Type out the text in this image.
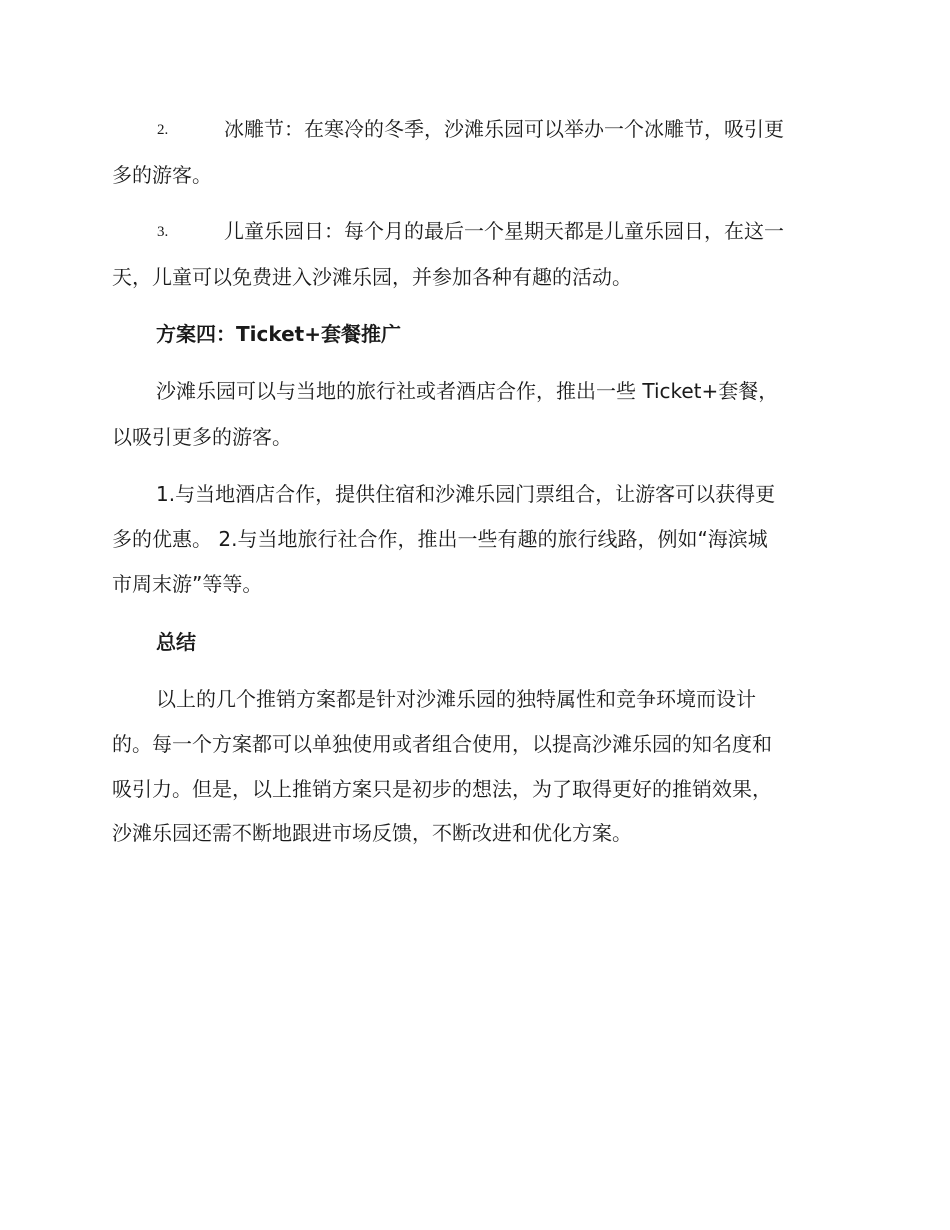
2.	冰雕节：在寒冷的冬季，沙滩乐园可以举办一个冰雕节，吸引更
多的游客。
3.	儿童乐园日：每个月的最后一个星期天都是儿童乐园日，在这一
天，儿童可以免费进入沙滩乐园，并参加各种有趣的活动。
方案四：Ticket+套餐推广
沙滩乐园可以与当地的旅行社或者酒店合作，推出一些 Ticket+套餐，
以吸引更多的游客。
1.与当地酒店合作，提供住宿和沙滩乐园门票组合，让游客可以获得更
多的优惠。 2.与当地旅行社合作，推出一些有趣的旅行线路，例如“海滨城
市周末游”等等。
总结
以上的几个推销方案都是针对沙滩乐园的独特属性和竞争环境而设计
的。每一个方案都可以单独使用或者组合使用，以提高沙滩乐园的知名度和
吸引力。但是，以上推销方案只是初步的想法，为了取得更好的推销效果，
沙滩乐园还需不断地跟进市场反馈，不断改进和优化方案。
